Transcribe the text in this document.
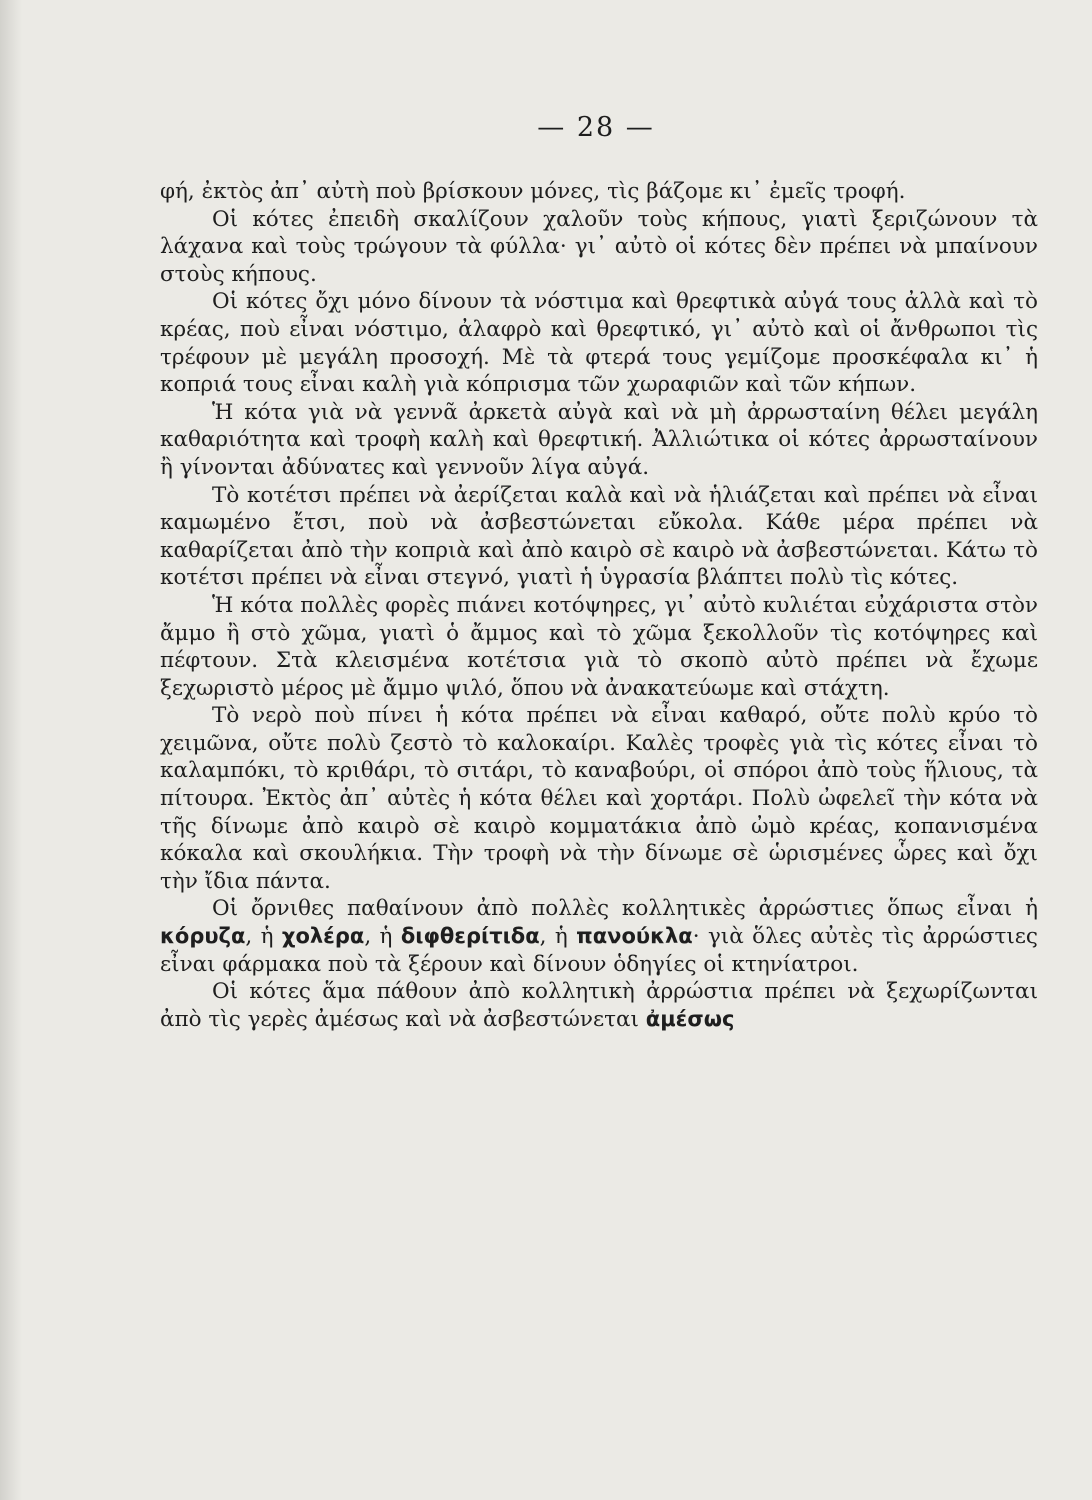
— 28 —

φή, ἐκτὸς ἀπ᾿ αὐτὴ ποὺ βρίσκουν μόνες, τὶς βάζομε κι᾿ ἐμεῖς τροφή.

Οἱ κότες ἐπειδὴ σκαλίζουν χαλοῦν τοὺς κήπους, γιατὶ ξεριζώνουν τὰ λάχανα καὶ τοὺς τρώγουν τὰ φύλλα· γι᾿ αὐτὸ οἱ κότες δὲν πρέπει νὰ μπαίνουν στοὺς κήπους.

Οἱ κότες ὄχι μόνο δίνουν τὰ νόστιμα καὶ θρεφτικὰ αὐγά τους ἀλλὰ καὶ τὸ κρέας, ποὺ εἶναι νόστιμο, ἀλαφρὸ καὶ θρεφτικό, γι᾿ αὐτὸ καὶ οἱ ἄνθρωποι τὶς τρέφουν μὲ μεγάλη προσοχή. Μὲ τὰ φτερά τους γεμίζομε προσκέφαλα κι᾿ ἡ κοπριά τους εἶναι καλὴ γιὰ κόπρισμα τῶν χωραφιῶν καὶ τῶν κήπων.

Ἡ κότα γιὰ νὰ γεννᾶ ἀρκετὰ αὐγὰ καὶ νὰ μὴ ἀρρωσταίνη θέλει μεγάλη καθαριότητα καὶ τροφὴ καλὴ καὶ θρεφτική. Ἀλλιώτικα οἱ κότες ἀρρωσταίνουν ἢ γίνονται ἀδύνατες καὶ γεννοῦν λίγα αὐγά.

Τὸ κοτέτσι πρέπει νὰ ἀερίζεται καλὰ καὶ νὰ ἡλιάζεται καὶ πρέπει νὰ εἶναι καμωμένο ἔτσι, ποὺ νὰ ἀσβεστώνεται εὔκολα. Κάθε μέρα πρέπει νὰ καθαρίζεται ἀπὸ τὴν κοπριὰ καὶ ἀπὸ καιρὸ σὲ καιρὸ νὰ ἀσβεστώνεται. Κάτω τὸ κοτέτσι πρέπει νὰ εἶναι στεγνό, γιατὶ ἡ ὑγρασία βλάπτει πολὺ τὶς κότες.

Ἡ κότα πολλὲς φορὲς πιάνει κοτόψηρες, γι᾿ αὐτὸ κυλιέται εὐχάριστα στὸν ἄμμο ἢ στὸ χῶμα, γιατὶ ὁ ἄμμος καὶ τὸ χῶμα ξεκολλοῦν τὶς κοτόψηρες καὶ πέφτουν. Στὰ κλεισμένα κοτέτσια γιὰ τὸ σκοπὸ αὐτὸ πρέπει νὰ ἔχωμε ξεχωριστὸ μέρος μὲ ἄμμο ψιλό, ὅπου νὰ ἀνακατεύωμε καὶ στάχτη.

Τὸ νερὸ ποὺ πίνει ἡ κότα πρέπει νὰ εἶναι καθαρό, οὔτε πολὺ κρύο τὸ χειμῶνα, οὔτε πολὺ ζεστὸ τὸ καλοκαίρι. Καλὲς τροφὲς γιὰ τὶς κότες εἶναι τὸ καλαμπόκι, τὸ κριθάρι, τὸ σιτάρι, τὸ καναβούρι, οἱ σπόροι ἀπὸ τοὺς ἥλιους, τὰ πίτουρα. Ἐκτὸς ἀπ᾿ αὐτὲς ἡ κότα θέλει καὶ χορτάρι. Πολὺ ὠφελεῖ τὴν κότα νὰ τῆς δίνωμε ἀπὸ καιρὸ σὲ καιρὸ κομματάκια ἀπὸ ὠμὸ κρέας, κοπανισμένα κόκαλα καὶ σκουλήκια. Τὴν τροφὴ νὰ τὴν δίνωμε σὲ ὡρισμένες ὧρες καὶ ὄχι τὴν ἴδια πάντα.

Οἱ ὄρνιθες παθαίνουν ἀπὸ πολλὲς κολλητικὲς ἀρρώστιες ὅπως εἶναι ἡ κόρυζα, ἡ χολέρα, ἡ διφθερίτιδα, ἡ πανούκλα· γιὰ ὅλες αὐτὲς τὶς ἀρρώστιες εἶναι φάρμακα ποὺ τὰ ξέρουν καὶ δίνουν ὁδηγίες οἱ κτηνίατροι.

Οἱ κότες ἅμα πάθουν ἀπὸ κολλητικὴ ἀρρώστια πρέπει νὰ ξεχωρίζωνται ἀπὸ τὶς γερὲς ἀμέσως καὶ νὰ ἀσβεστώνεται ἀμέσως
